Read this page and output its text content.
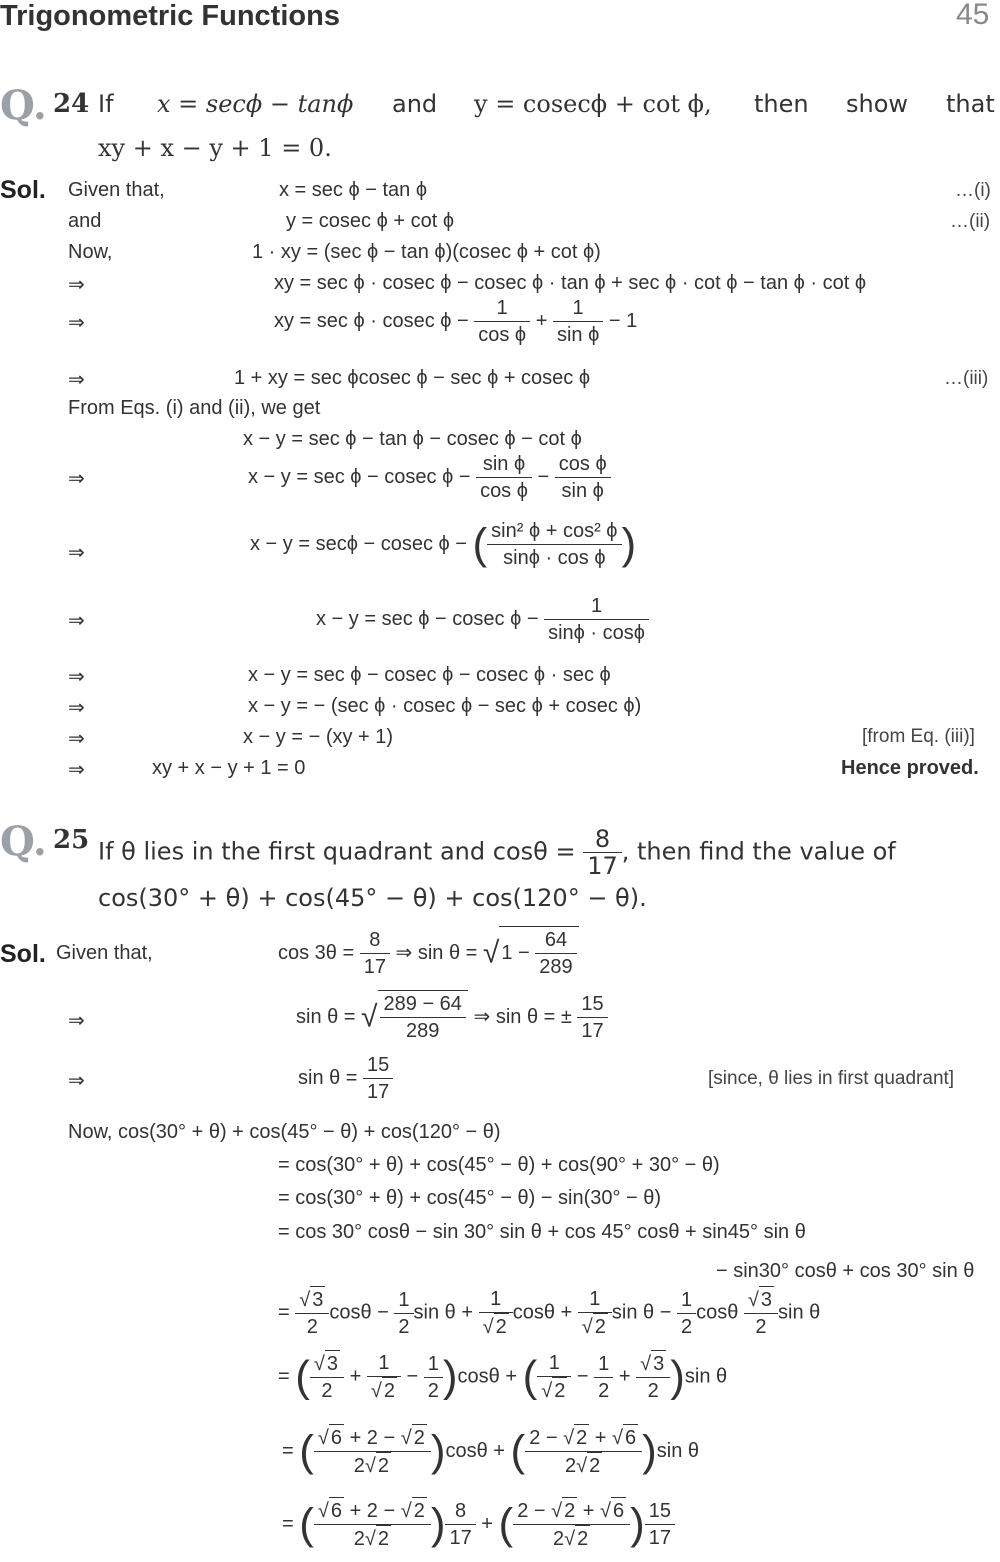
Trigonometric Functions	45
Q. 24 If x = secϕ − tanϕ and y = cosecϕ + cot ϕ, then show that
xy + x − y + 1 = 0.
Sol. Given that,	x = sec ϕ − tan ϕ	…(i)
and	y = cosec ϕ + cot ϕ	…(ii)
Now,	1 · xy = (sec ϕ − tan ϕ)(cosec ϕ + cot ϕ)
⇒	xy = sec ϕ · cosec ϕ − cosec ϕ · tan ϕ + sec ϕ · cot ϕ − tan ϕ · cot ϕ
⇒	xy = sec ϕ · cosec $\phi - \frac{1}{\text{cos ϕ}} + \frac{1}{\text{sin ϕ}} - 1$
⇒	1 + xy = sec ϕcosec ϕ − sec ϕ + cosec ϕ	…(iii)
From Eqs. (i) and (ii), we get
x − y = sec ϕ − tan ϕ − cosec ϕ − cot ϕ
⇒	x − y = sec ϕ − cosec $\phi - \frac{\text{sin ϕ}}{\text{cos ϕ}} - \frac{\text{cos ϕ}}{\text{sin ϕ}}$
⇒	x − y = secϕ − cosec ϕ − ( $\frac{\text{sin² ϕ + cos² ϕ}}{\text{sinϕ · cos ϕ}}$ )
⇒	x − y = sec ϕ − cosec $\phi - \frac{1}{\sin\phi \cdot \cos\phi}$
⇒	x − y = sec ϕ − cosec ϕ − cosec ϕ · sec ϕ
⇒	x − y = − (sec ϕ · cosec ϕ − sec ϕ + cosec ϕ)
⇒	x − y = − (xy + 1)	[from Eq. (iii)]
⇒	xy + x − y + 1 = 0	Hence proved.
Q. 25 If θ lies in the first quadrant and $\cos\theta = \frac{8}{17}$ , then find the value of
cos(30° + θ) + cos(45° − θ) + cos(120° − θ).
Sol. Given that,	$\cos 3\theta = \frac{8}{17}$ ⇒ sin θ = √ $1 - \frac{64}{289}$
⇒	sin θ = √ $\frac{289 - 64}{289}$ ⇒ sin θ = ± $\frac{15}{17}$
⇒	$\sin \theta = \frac{15}{17}$	[since, θ lies in first quadrant]
Now, cos(30° + θ) + cos(45° − θ) + cos(120° − θ)
= cos(30° + θ) + cos(45° − θ) + cos(90° + 30° − θ)
= cos(30° + θ) + cos(45° − θ) − sin(30° − θ)
= cos 30° cosθ − sin 30° sin θ + cos 45° cosθ + sin45° sin θ
− sin30° cosθ + cos 30° sin θ
= $\frac{√ 3}{2}$ $\cos\theta - \frac{1}{2}$ $\sin \theta + \frac{1}{√ 2}$ $\cos\theta + \frac{1}{√ 2}$ $\sin \theta - \frac{1}{2}$ cosθ $\frac{√ 3}{2}$ sin θ
= ( $\frac{√ 3}{2} + \frac{1}{√ 2} - \frac{1}{2} )\cos\theta$ + ( $\frac{1}{√ 2} - \frac{1}{2} + \frac{√ 3}{2} )\sin$ θ
= ( $\frac{√ 6 + 2 - √ 2}{2√ 2} )\cos\theta$ + ( $\frac{2 - √ 2 + √ 6}{2√ 2} )\sin$ θ
= ( $\frac{√ 6 + 2 - √ 2}{2√ 2}$ ) $\frac{8}{17}$ + ( $\frac{2 - √ 2 + √ 6}{2√ 2}$ ) $\frac{15}{17}$
